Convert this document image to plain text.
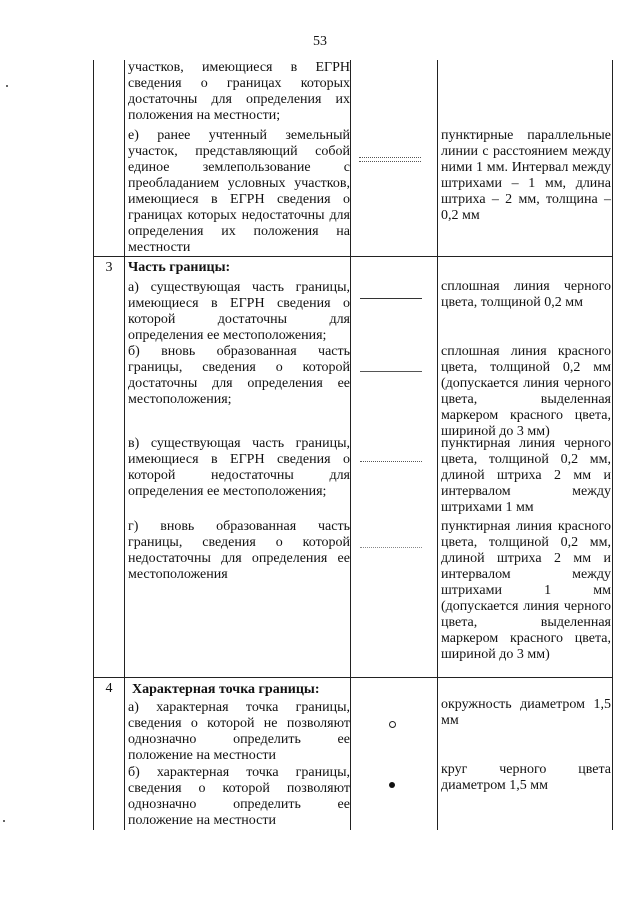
53
участков, имеющиеся в ЕГРН сведения о границах которых достаточны для определения их положения на местности;
е) ранее учтенный земельный участок, представляющий собой единое землепользование с преобладанием условных участков, имеющиеся в ЕГРН сведения о границах которых недостаточны для определения их положения на местности
пунктирные параллельные линии с расстоянием между ними 1 мм. Интервал между штрихами – 1 мм, длина штриха – 2 мм, толщина – 0,2 мм
3	Часть границы:
а) существующая часть границы, имеющиеся в ЕГРН сведения о которой достаточны для определения ее местоположения;
сплошная линия черного цвета, толщиной 0,2 мм
б) вновь образованная часть границы, сведения о которой достаточны для определения ее местоположения;
сплошная линия красного цвета, толщиной 0,2 мм (допускается линия черного цвета, выделенная маркером красного цвета, шириной до 3 мм)
в) существующая часть границы, имеющиеся в ЕГРН сведения о которой недостаточны для определения ее местоположения;
пунктирная линия черного цвета, толщиной 0,2 мм, длиной штриха 2 мм и интервалом между штрихами 1 мм
г) вновь образованная часть границы, сведения о которой недостаточны для определения ее местоположения
пунктирная линия красного цвета, толщиной 0,2 мм, длиной штриха 2 мм и интервалом между штрихами 1 мм (допускается линия черного цвета, выделенная маркером красного цвета, шириной до 3 мм)
4	Характерная точка границы:
а) характерная точка границы, сведения о которой не позволяют однозначно определить ее положение на местности
окружность диаметром 1,5 мм
б) характерная точка границы, сведения о которой позволяют однозначно определить ее положение на местности
круг черного цвета диаметром 1,5 мм
